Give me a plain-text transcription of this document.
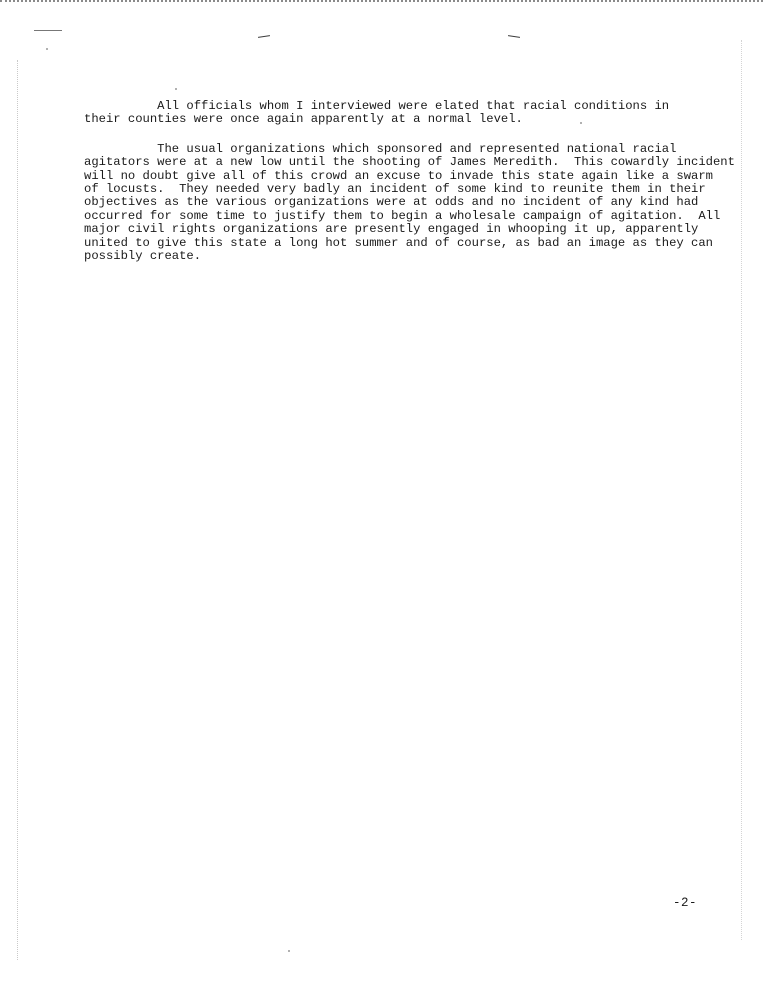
All officials whom I interviewed were elated that racial conditions in
their counties were once again apparently at a normal level.

The usual organizations which sponsored and represented national racial
agitators were at a new low until the shooting of James Meredith.  This cowardly incident
will no doubt give all of this crowd an excuse to invade this state again like a swarm
of locusts.  They needed very badly an incident of some kind to reunite them in their
objectives as the various organizations were at odds and no incident of any kind had
occurred for some time to justify them to begin a wholesale campaign of agitation.  All
major civil rights organizations are presently engaged in whooping it up, apparently
united to give this state a long hot summer and of course, as bad an image as they can
possibly create.

-2-
